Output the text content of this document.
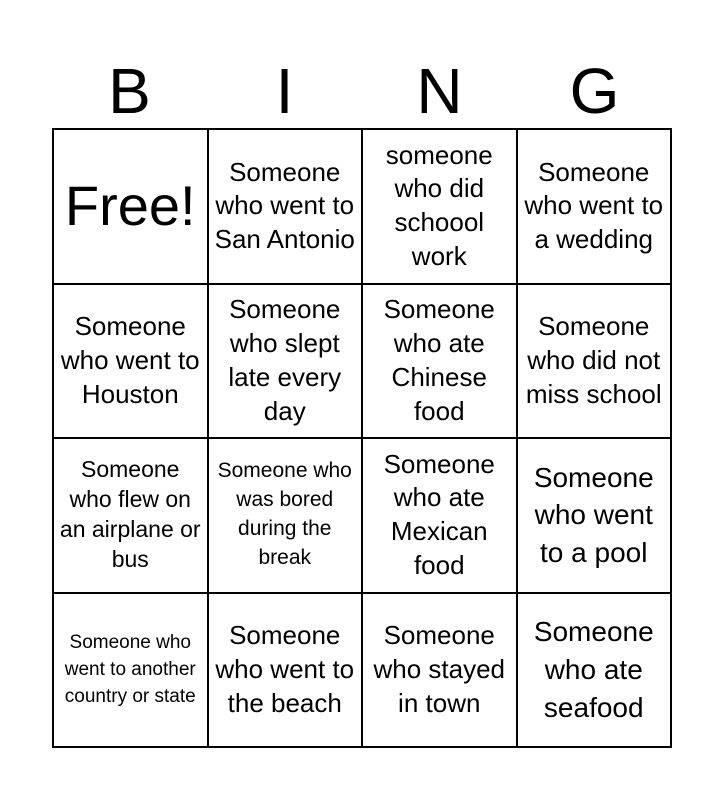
B	I	N	G
Free!
Someone who went to San Antonio
someone who did schoool work
Someone who went to a wedding
Someone who went to Houston
Someone who slept late every day
Someone who ate Chinese food
Someone who did not miss school
Someone who flew on an airplane or bus
Someone who was bored during the break
Someone who ate Mexican food
Someone who went to a pool
Someone who went to another country or state
Someone who went to the beach
Someone who stayed in town
Someone who ate seafood
